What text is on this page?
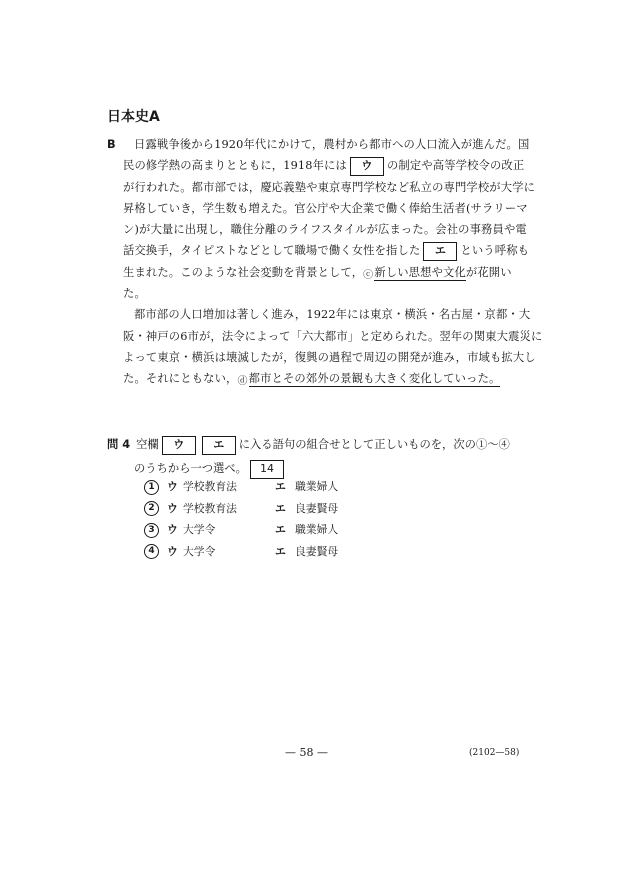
日本史A
B 日露戦争後から1920年代にかけて，農村から都市への人口流入が進んだ。国
民の修学熱の高まりとともに，1918年には ウ の制定や高等学校令の改正
が行われた。都市部では，慶応義塾や東京専門学校など私立の専門学校が大学に
昇格していき，学生数も増えた。官公庁や大企業で働く俸給生活者(サラリーマ
ン)が大量に出現し，職住分離のライフスタイルが広まった。会社の事務員や電
話交換手，タイピストなどとして職場で働く女性を指した エ という呼称も
生まれた。このような社会変動を背景として，ⓒ新しい思想や文化が花開い
た。
都市部の人口増加は著しく進み，1922年には東京・横浜・名古屋・京都・大
阪・神戸の6市が，法令によって「六大都市」と定められた。翌年の関東大震災に
よって東京・横浜は壊滅したが，復興の過程で周辺の開発が進み，市域も拡大し
た。それにともない，ⓓ都市とその郊外の景観も大きく変化していった。
問 4 空欄 ウ	エ に入る語句の組合せとして正しいものを，次の①～④
のうちから一つ選べ。 14
1 ウ 学校教育法	エ 職業婦人
2 ウ 学校教育法	エ 良妻賢母
3 ウ 大学令	エ 職業婦人
4 ウ 大学令	エ 良妻賢母
— 58 —	(2102—58)
